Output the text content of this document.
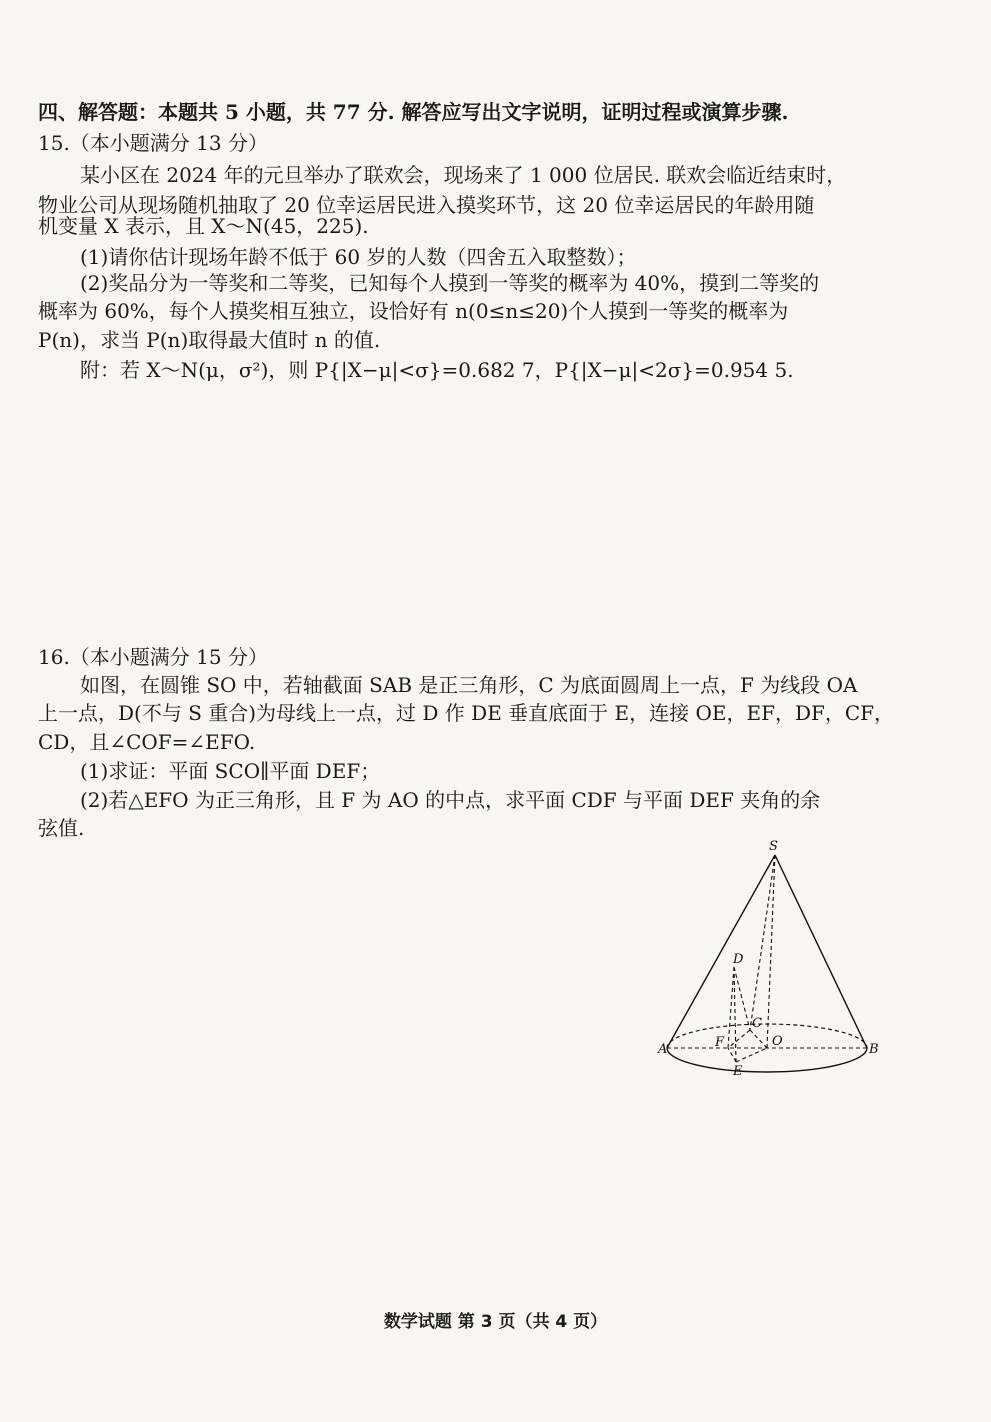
四、解答题：本题共 5 小题，共 77 分. 解答应写出文字说明，证明过程或演算步骤.
15.（本小题满分 13 分）
某小区在 2024 年的元旦举办了联欢会，现场来了 1 000 位居民. 联欢会临近结束时，
物业公司从现场随机抽取了 20 位幸运居民进入摸奖环节，这 20 位幸运居民的年龄用随
机变量 X 表示，且 X～N(45，225).
(1)请你估计现场年龄不低于 60 岁的人数（四舍五入取整数）；
(2)奖品分为一等奖和二等奖，已知每个人摸到一等奖的概率为 40%，摸到二等奖的
概率为 60%，每个人摸奖相互独立，设恰好有 n(0≤n≤20)个人摸到一等奖的概率为
P(n)，求当 P(n)取得最大值时 n 的值.
附：若 X～N(μ，σ²)，则 P{|X−μ|<σ}=0.682 7，P{|X−μ|<2σ}=0.954 5.
16.（本小题满分 15 分）
如图，在圆锥 SO 中，若轴截面 SAB 是正三角形，C 为底面圆周上一点，F 为线段 OA
上一点，D(不与 S 重合)为母线上一点，过 D 作 DE 垂直底面于 E，连接 OE，EF，DF，CF，
CD，且∠COF=∠EFO.
(1)求证：平面 SCO∥平面 DEF；
(2)若△EFO 为正三角形，且 F 为 AO 的中点，求平面 CDF 与平面 DEF 夹角的余
弦值.
S
D
C
A	F	O
B
E
数学试题 第 3 页（共 4 页）
